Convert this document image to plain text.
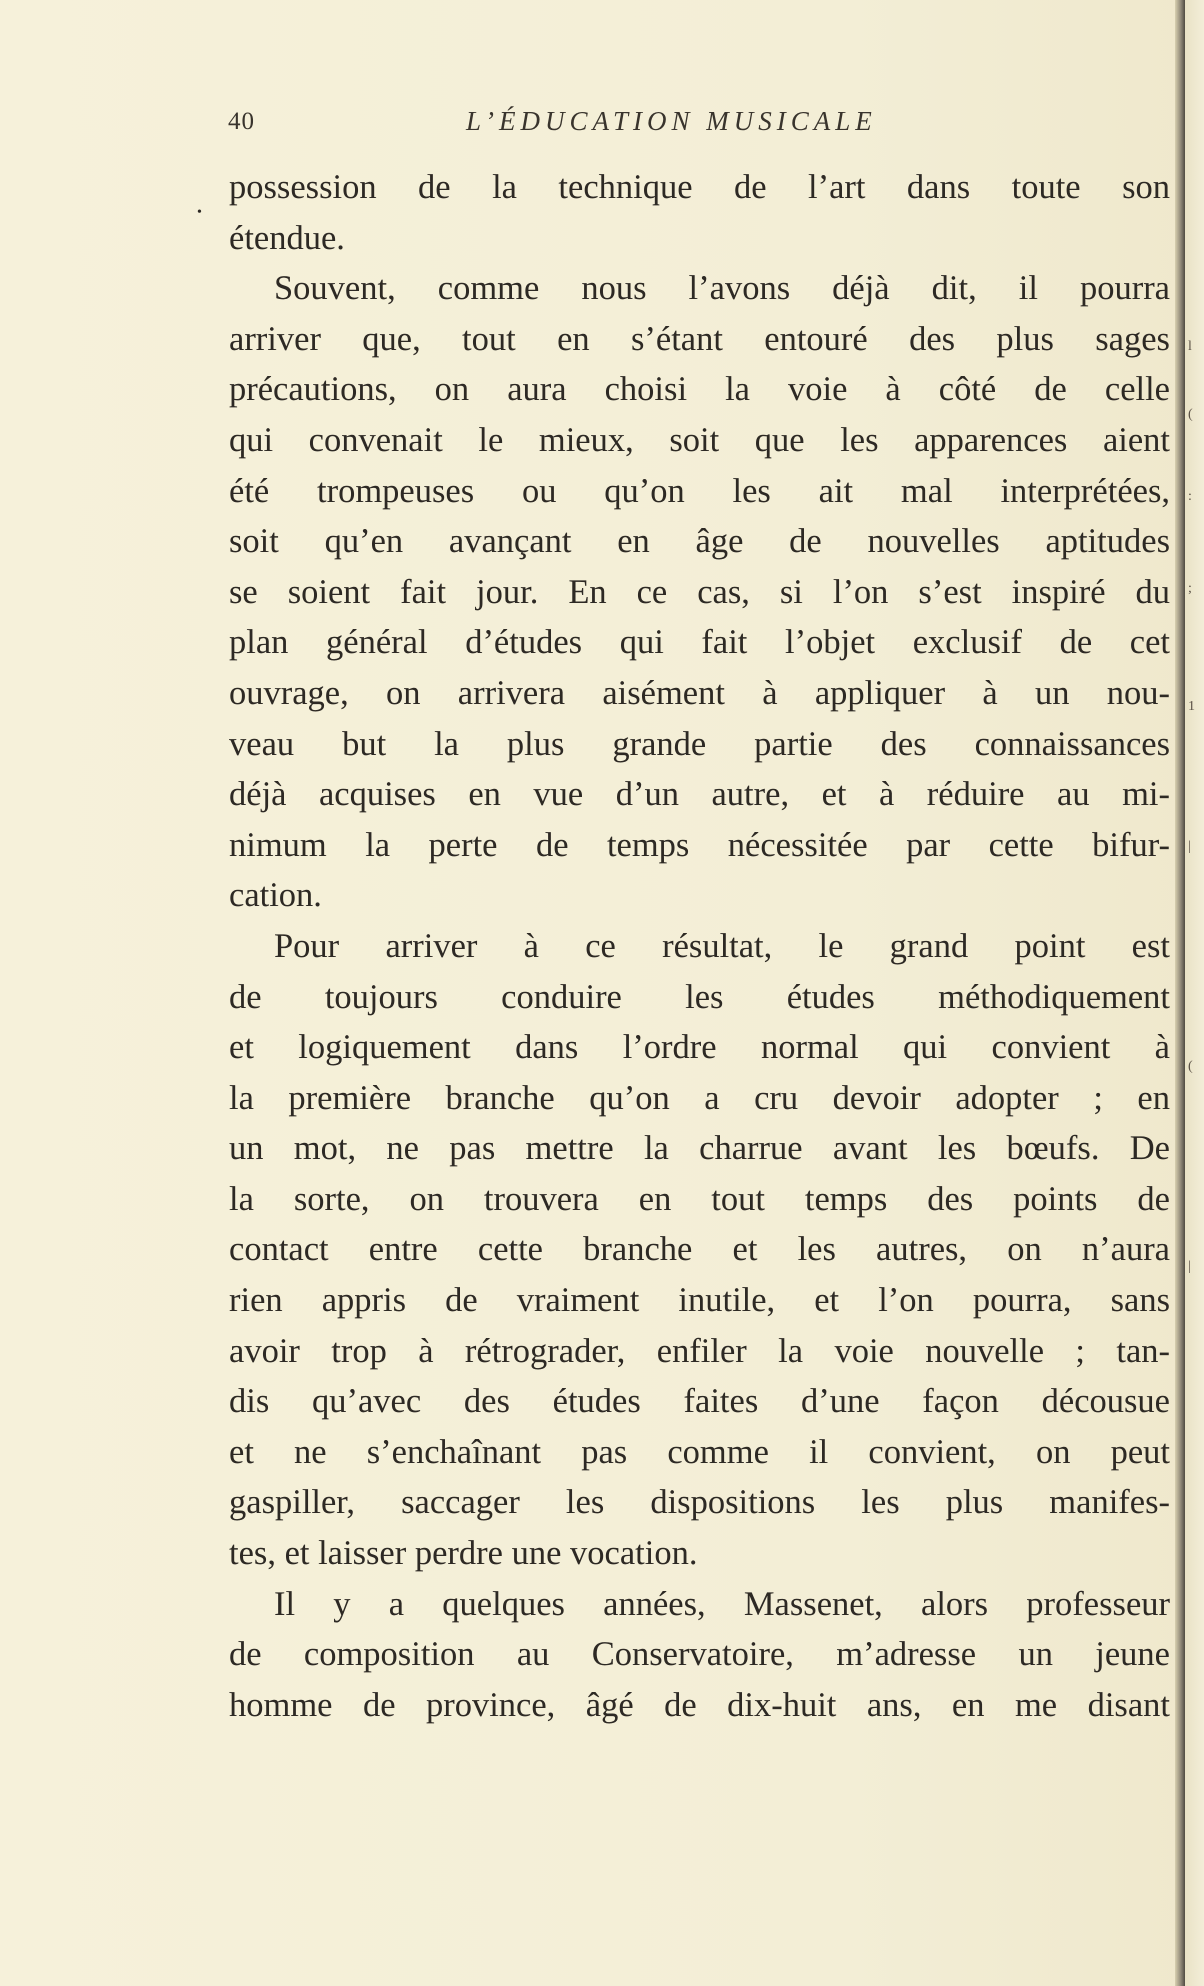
40	L’ÉDUCATION MUSICALE
•
possession de la technique de l’art dans toute son
étendue.
Souvent, comme nous l’avons déjà dit, il pourra
arriver que, tout en s’étant entouré des plus sages
précautions, on aura choisi la voie à côté de celle
qui convenait le mieux, soit que les apparences aient
été trompeuses ou qu’on les ait mal interprétées,
soit qu’en avançant en âge de nouvelles aptitudes
se soient fait jour. En ce cas, si l’on s’est inspiré du
plan général d’études qui fait l’objet exclusif de cet
ouvrage, on arrivera aisément à appliquer à un nou-
veau but la plus grande partie des connaissances
déjà acquises en vue d’un autre, et à réduire au mi-
nimum la perte de temps nécessitée par cette bifur-
cation.
Pour arriver à ce résultat, le grand point est
de toujours conduire les études méthodiquement
et logiquement dans l’ordre normal qui convient à
la première branche qu’on a cru devoir adopter ; en
un mot, ne pas mettre la charrue avant les bœufs. De
la sorte, on trouvera en tout temps des points de
contact entre cette branche et les autres, on n’aura
rien appris de vraiment inutile, et l’on pourra, sans
avoir trop à rétrograder, enfiler la voie nouvelle ; tan-
dis qu’avec des études faites d’une façon décousue
et ne s’enchaînant pas comme il convient, on peut
gaspiller, saccager les dispositions les plus manifes-
tes, et laisser perdre une vocation.
Il y a quelques années, Massenet, alors professeur
de composition au Conservatoire, m’adresse un jeune
homme de province, âgé de dix-huit ans, en me disant
l
(
:
;
1
|
(
|
